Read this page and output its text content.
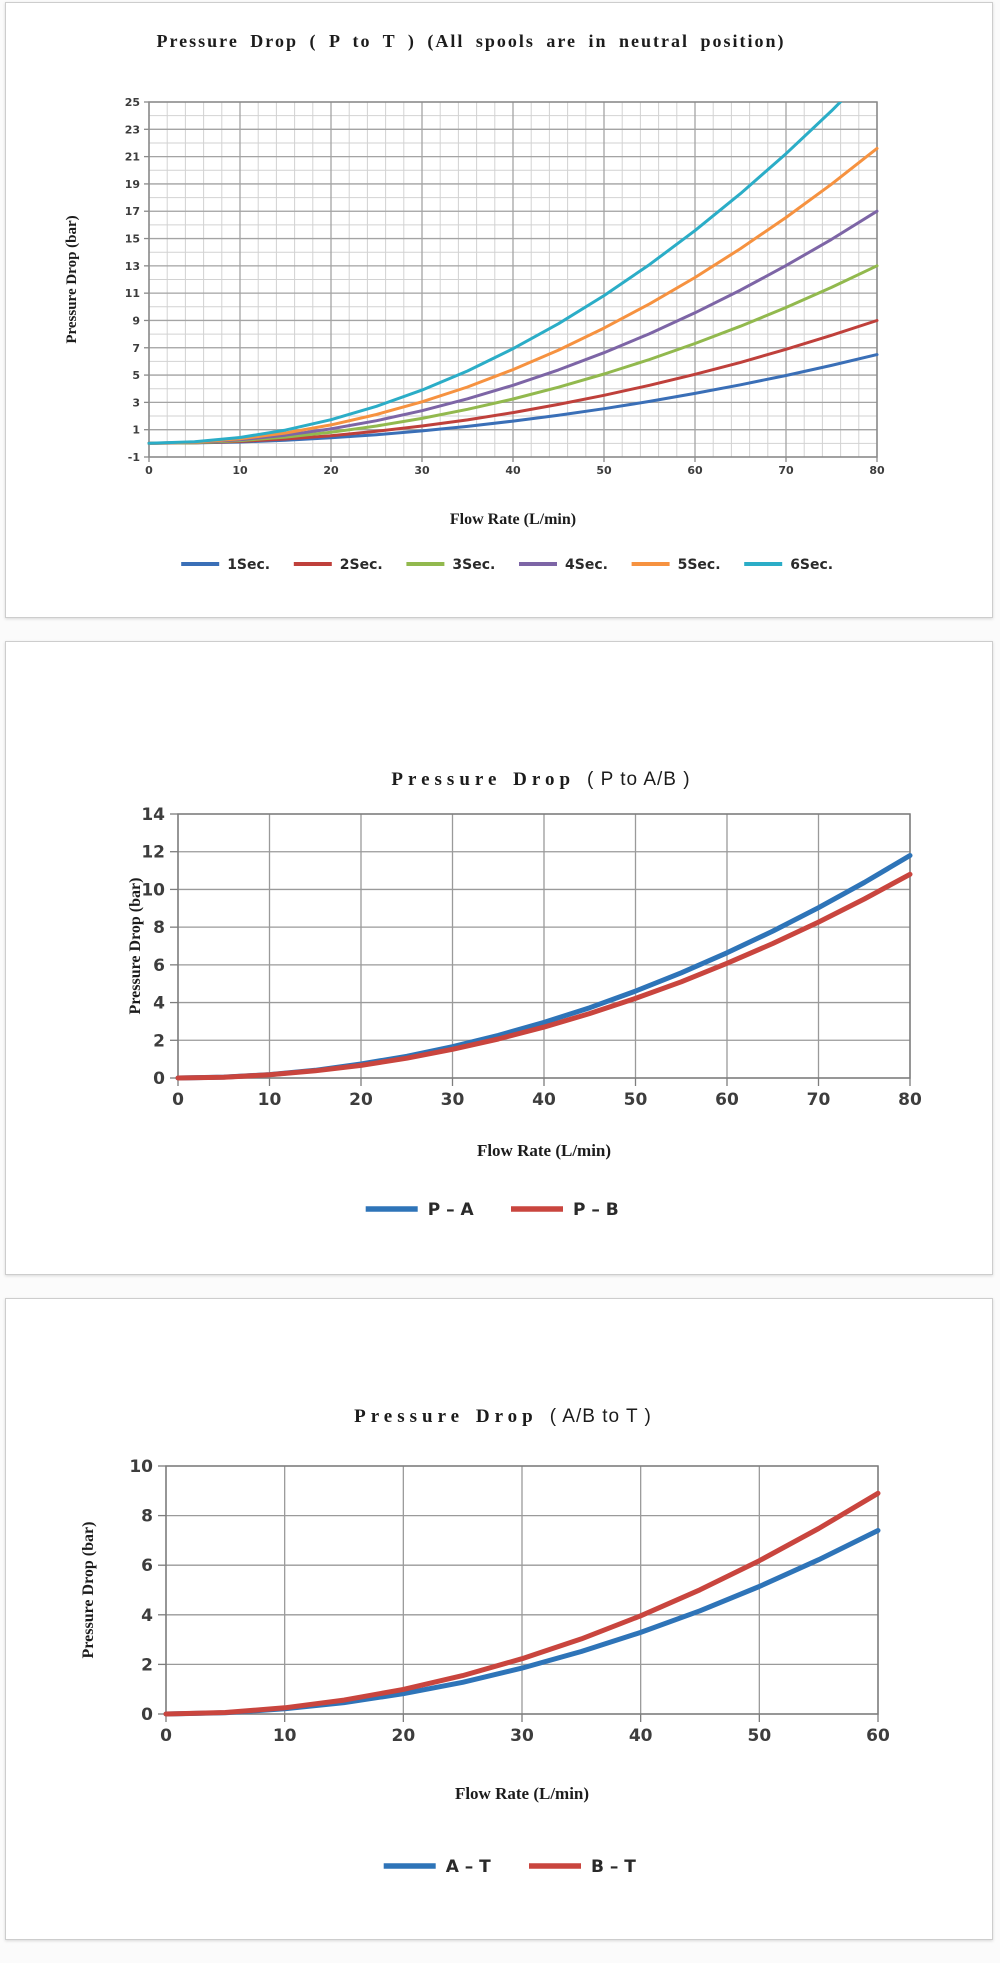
0	10	20	30	40	50	60	70	80
-1
1
3
5
7
9
11
13
15
17
19
21
23
25
Pressure Drop ( P to T ) (All spools are in neutral position)
Pressure Drop (bar)
Flow Rate (L/min)
1Sec.	2Sec.	3Sec.	4Sec.	5Sec.	6Sec.
0	10	20	30	40	50	60	70	80
0
2
4
6
8
10
12
14
Pressure Drop ( P to A/B )
Pressure Drop (bar)
Flow Rate (L/min)
P – A	P – B
0	10	20	30	40	50	60
0
2
4
6
8
10
Pressure Drop ( A/B to T )
Pressure Drop (bar)
Flow Rate (L/min)
A – T	B – T
